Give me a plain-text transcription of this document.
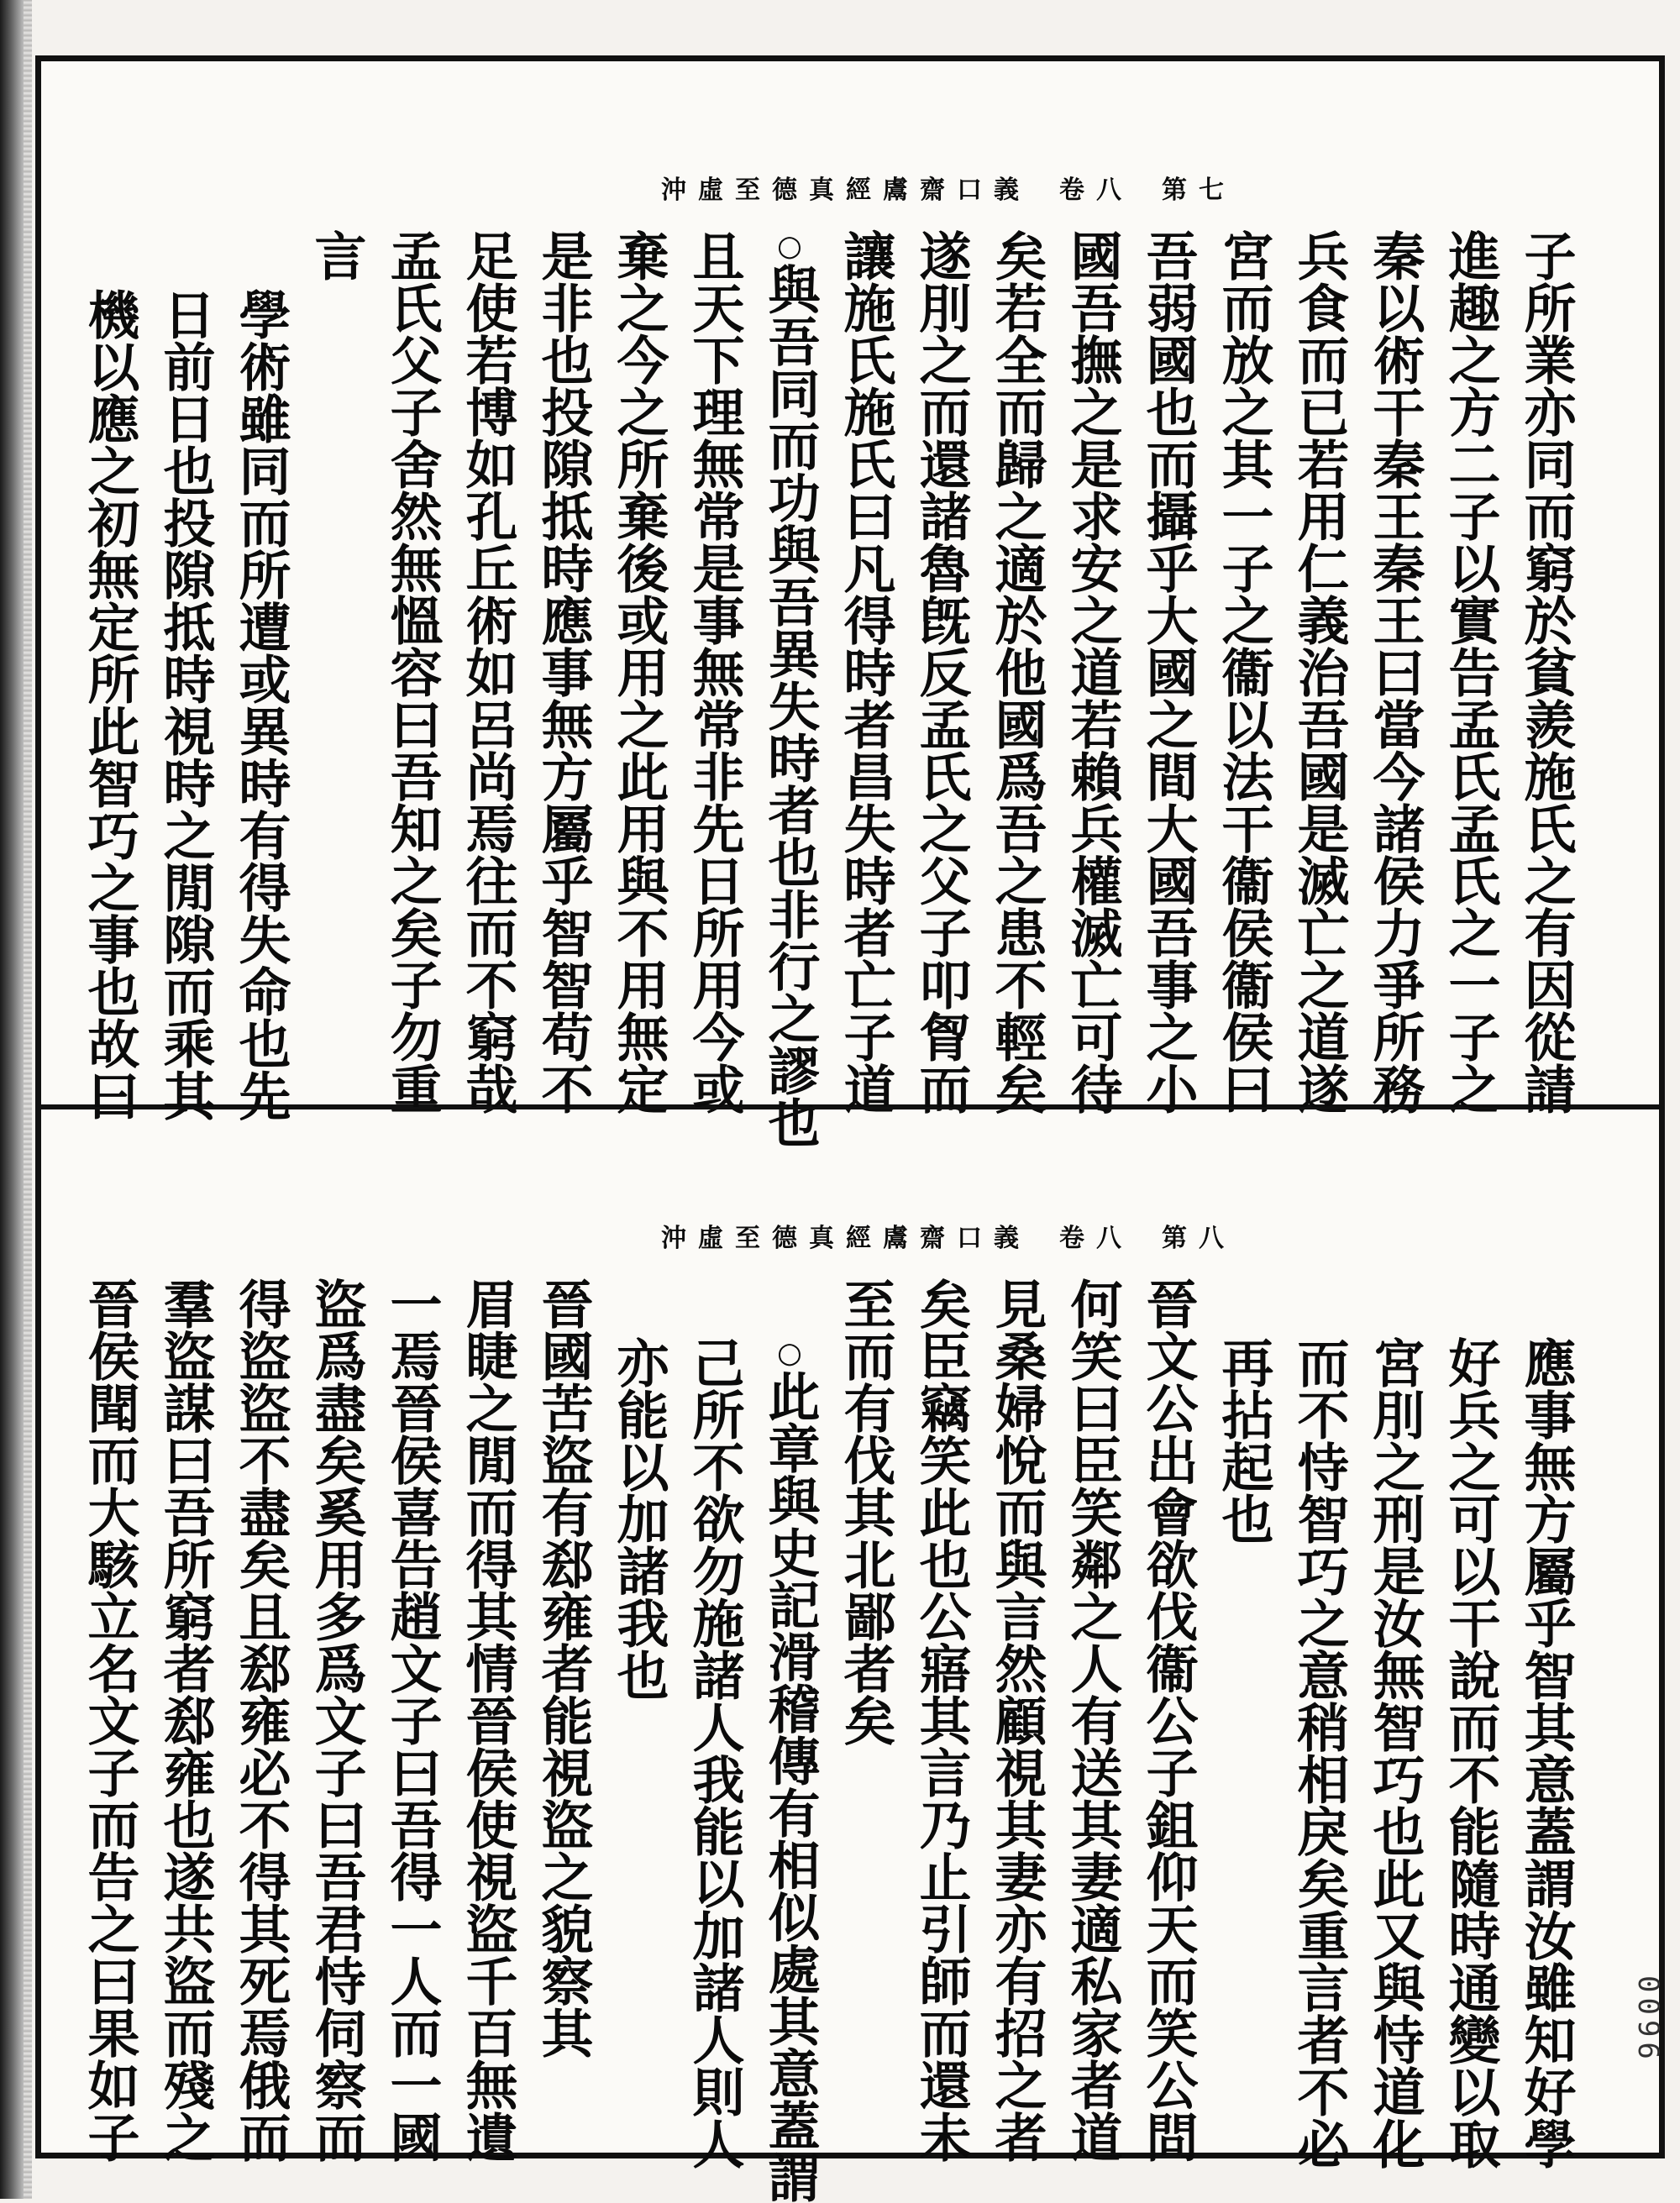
沖虛至德真經鬳齋口義 卷八 第七
子所業亦同而窮於貧羨施氏之有因從請
進趣之方二子以實告孟氏孟氏之一子之
秦以術干秦王秦王曰當今諸侯力爭所務
兵食而已若用仁義治吾國是滅亡之道遂
宮而放之其一子之衞以法干衞侯衞侯曰
吾弱國也而攝乎大國之間大國吾事之小
國吾撫之是求安之道若賴兵權滅亡可待
矣若全而歸之適於他國爲吾之患不輕矣
遂刖之而還諸魯旣反孟氏之父子叩胷而
讓施氏施氏曰凡得時者昌失時者亡子道
○與吾同而功與吾異失時者也非行之謬也
且天下理無常是事無常非先日所用今或
棄之今之所棄後或用之此用與不用無定
是非也投隙抵時應事無方屬乎智智苟不
足使若博如孔丘術如呂尚焉往而不窮哉
孟氏父子舍然無慍容曰吾知之矣子勿重
言
學術雖同而所遭或異時有得失命也先
日前日也投隙抵時視時之閒隙而乘其
機以應之初無定所此智巧之事也故曰
沖虛至德真經鬳齋口義 卷八 第八
應事無方屬乎智其意蓋謂汝雖知好學
好兵之可以干說而不能隨時通變以取
宮刖之刑是汝無智巧也此又與恃道化
而不恃智巧之意稍相戾矣重言者不必
再拈起也
晉文公出會欲伐衞公子鉏仰天而笑公問
何笑曰臣笑鄰之人有送其妻適私家者道
見桑婦悅而與言然顧視其妻亦有招之者
矣臣竊笑此也公寤其言乃止引師而還未
至而有伐其北鄙者矣
○此章與史記滑稽傳有相似處其意蓋謂
己所不欲勿施諸人我能以加諸人則人
亦能以加諸我也
晉國苦盜有郄雍者能視盜之貌察其
眉睫之閒而得其情晉侯使視盜千百無遺
一焉晉侯喜告趙文子曰吾得一人而一國
盜爲盡矣奚用多爲文子曰吾君恃伺察而
得盜盜不盡矣且郄雍必不得其死焉俄而
羣盜謀曰吾所窮者郄雍也遂共盜而殘之
晉侯聞而大駭立名文子而告之曰果如子	0096
